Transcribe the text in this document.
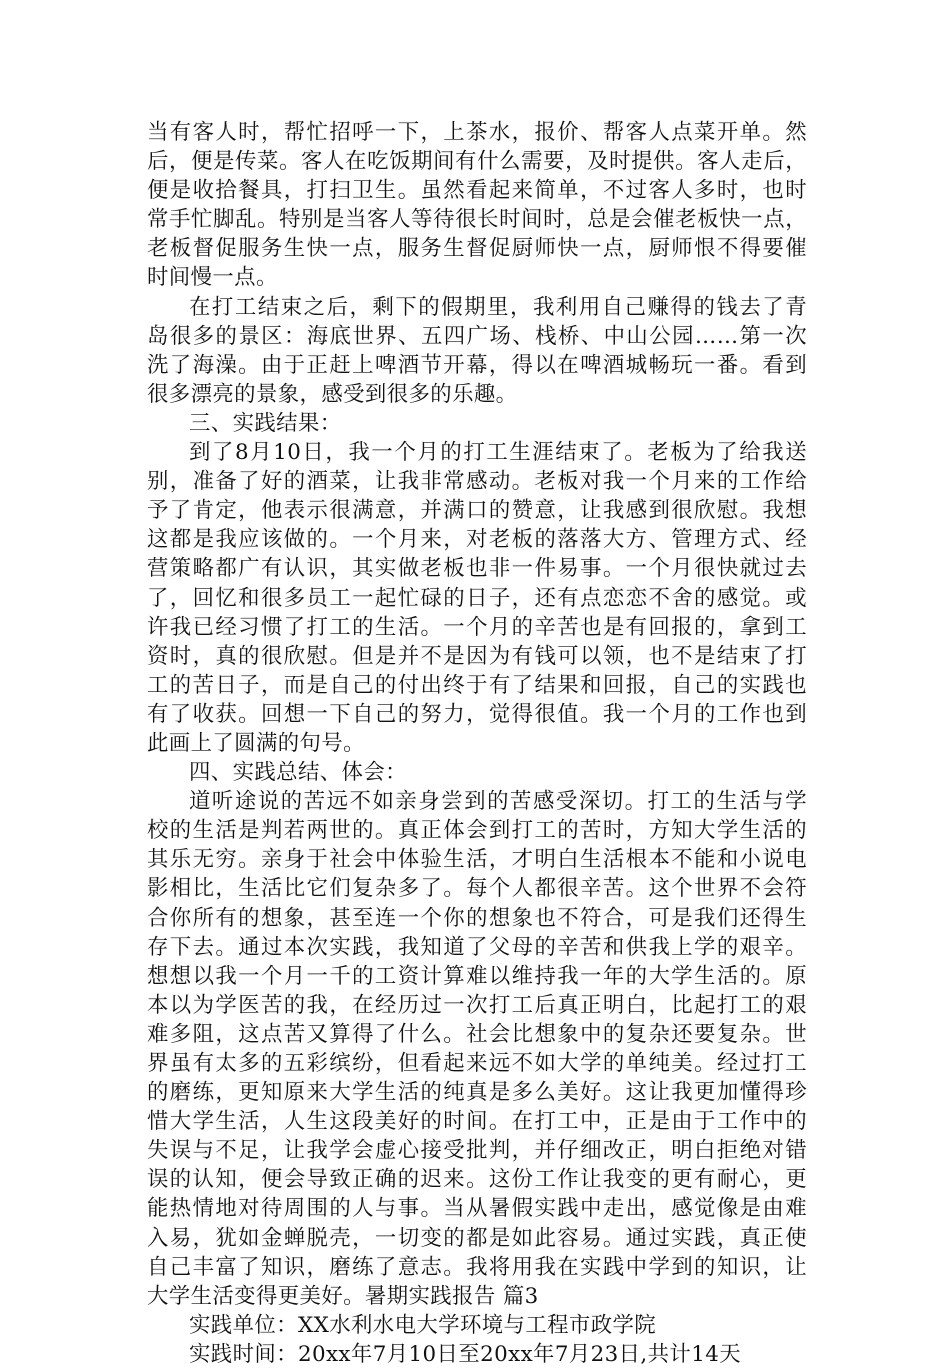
当有客人时，帮忙招呼一下，上茶水，报价、帮客人点菜开单。然
后，便是传菜。客人在吃饭期间有什么需要，及时提供。客人走后，
便是收拾餐具，打扫卫生。虽然看起来简单，不过客人多时，也时
常手忙脚乱。特别是当客人等待很长时间时，总是会催老板快一点，
老板督促服务生快一点，服务生督促厨师快一点，厨师恨不得要催
时间慢一点。
在打工结束之后，剩下的假期里，我利用自己赚得的钱去了青
岛很多的景区：海底世界、五四广场、栈桥、中山公园……第一次
洗了海澡。由于正赶上啤酒节开幕，得以在啤酒城畅玩一番。看到
很多漂亮的景象，感受到很多的乐趣。
三、实践结果：
到了8月10日，我一个月的打工生涯结束了。老板为了给我送
别，准备了好的酒菜，让我非常感动。老板对我一个月来的工作给
予了肯定，他表示很满意，并满口的赞意，让我感到很欣慰。我想
这都是我应该做的。一个月来，对老板的落落大方、管理方式、经
营策略都广有认识，其实做老板也非一件易事。一个月很快就过去
了，回忆和很多员工一起忙碌的日子，还有点恋恋不舍的感觉。或
许我已经习惯了打工的生活。一个月的辛苦也是有回报的，拿到工
资时，真的很欣慰。但是并不是因为有钱可以领，也不是结束了打
工的苦日子，而是自己的付出终于有了结果和回报，自己的实践也
有了收获。回想一下自己的努力，觉得很值。我一个月的工作也到
此画上了圆满的句号。
四、实践总结、体会：
道听途说的苦远不如亲身尝到的苦感受深切。打工的生活与学
校的生活是判若两世的。真正体会到打工的苦时，方知大学生活的
其乐无穷。亲身于社会中体验生活，才明白生活根本不能和小说电
影相比，生活比它们复杂多了。每个人都很辛苦。这个世界不会符
合你所有的想象，甚至连一个你的想象也不符合，可是我们还得生
存下去。通过本次实践，我知道了父母的辛苦和供我上学的艰辛。
想想以我一个月一千的工资计算难以维持我一年的大学生活的。原
本以为学医苦的我，在经历过一次打工后真正明白，比起打工的艰
难多阻，这点苦又算得了什么。社会比想象中的复杂还要复杂。世
界虽有太多的五彩缤纷，但看起来远不如大学的单纯美。经过打工
的磨练，更知原来大学生活的纯真是多么美好。这让我更加懂得珍
惜大学生活，人生这段美好的时间。在打工中，正是由于工作中的
失误与不足，让我学会虚心接受批判，并仔细改正，明白拒绝对错
误的认知，便会导致正确的迟来。这份工作让我变的更有耐心，更
能热情地对待周围的人与事。当从暑假实践中走出，感觉像是由难
入易，犹如金蝉脱壳，一切变的都是如此容易。通过实践，真正使
自己丰富了知识，磨练了意志。我将用我在实践中学到的知识，让
大学生活变得更美好。暑期实践报告 篇3
实践单位：XX水利水电大学环境与工程市政学院
实践时间：20xx年7月10日至20xx年7月23日,共计14天
